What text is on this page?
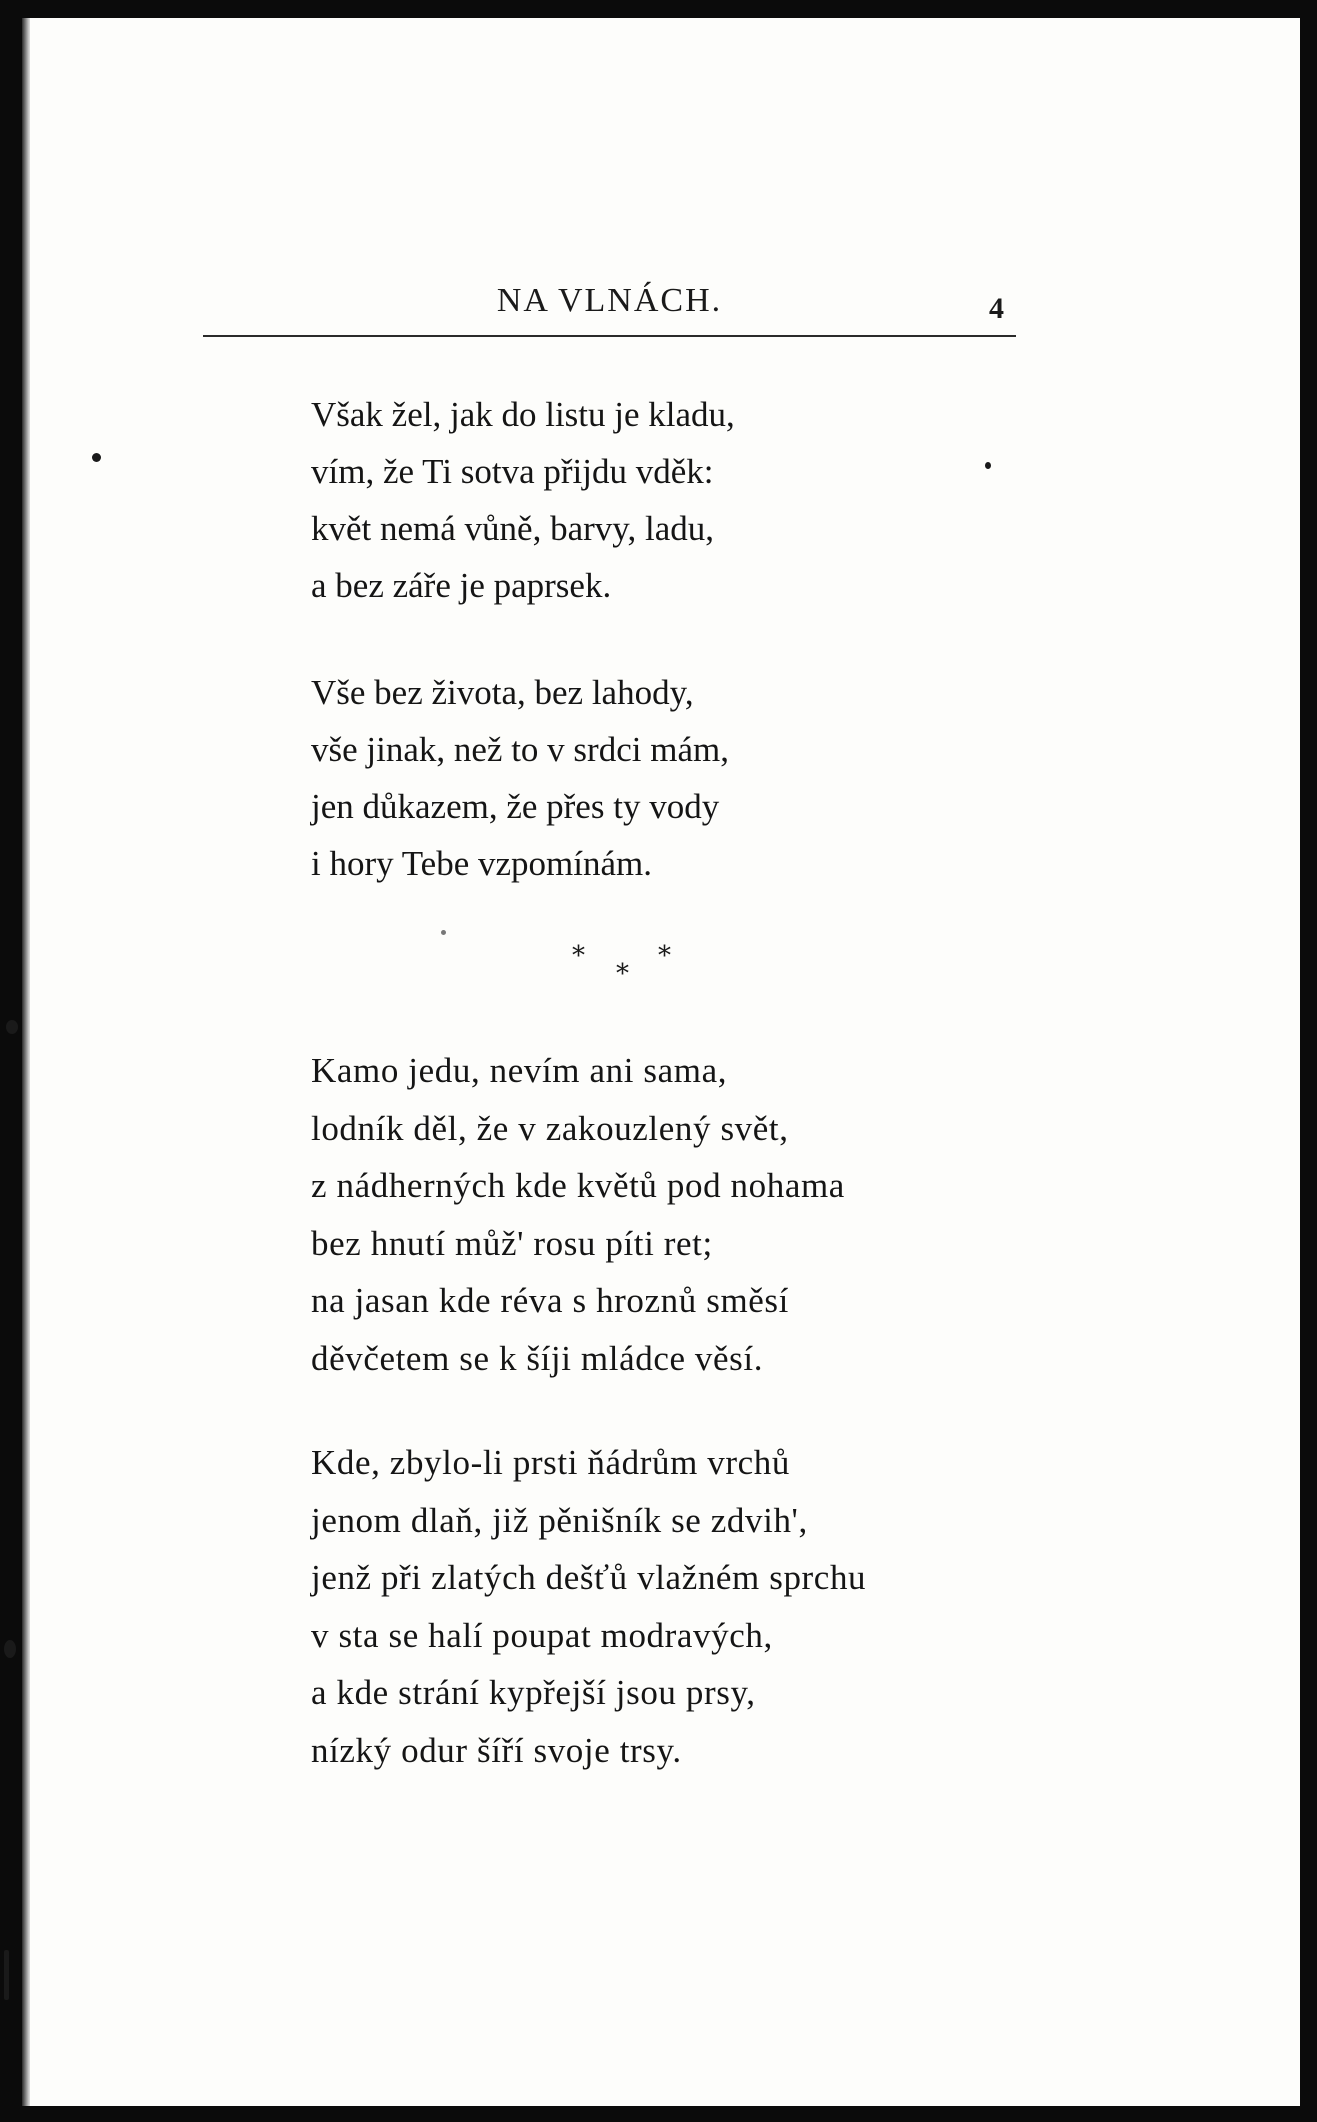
NA VLNÁCH.	4
Však žel, jak do listu je kladu,
vím, že Ti sotva přijdu vděk:
květ nemá vůně, barvy, ladu,
a bez záře je paprsek.
Vše bez života, bez lahody,
vše jinak, než to v srdci mám,
jen důkazem, že přes ty vody
i hory Tebe vzpomínám.
*
*
*
Kamo jedu, nevím ani sama,
lodník děl, že v zakouzlený svět,
z nádherných kde květů pod nohama
bez hnutí můž' rosu píti ret;
na jasan kde réva s hroznů směsí
děvčetem se k šíji mládce věsí.
Kde, zbylo-li prsti ňádrům vrchů
jenom dlaň, již pěnišník se zdvih',
jenž při zlatých dešťů vlažném sprchu
v sta se halí poupat modravých,
a kde strání kypřejší jsou prsy,
nízký odur šíří svoje trsy.
